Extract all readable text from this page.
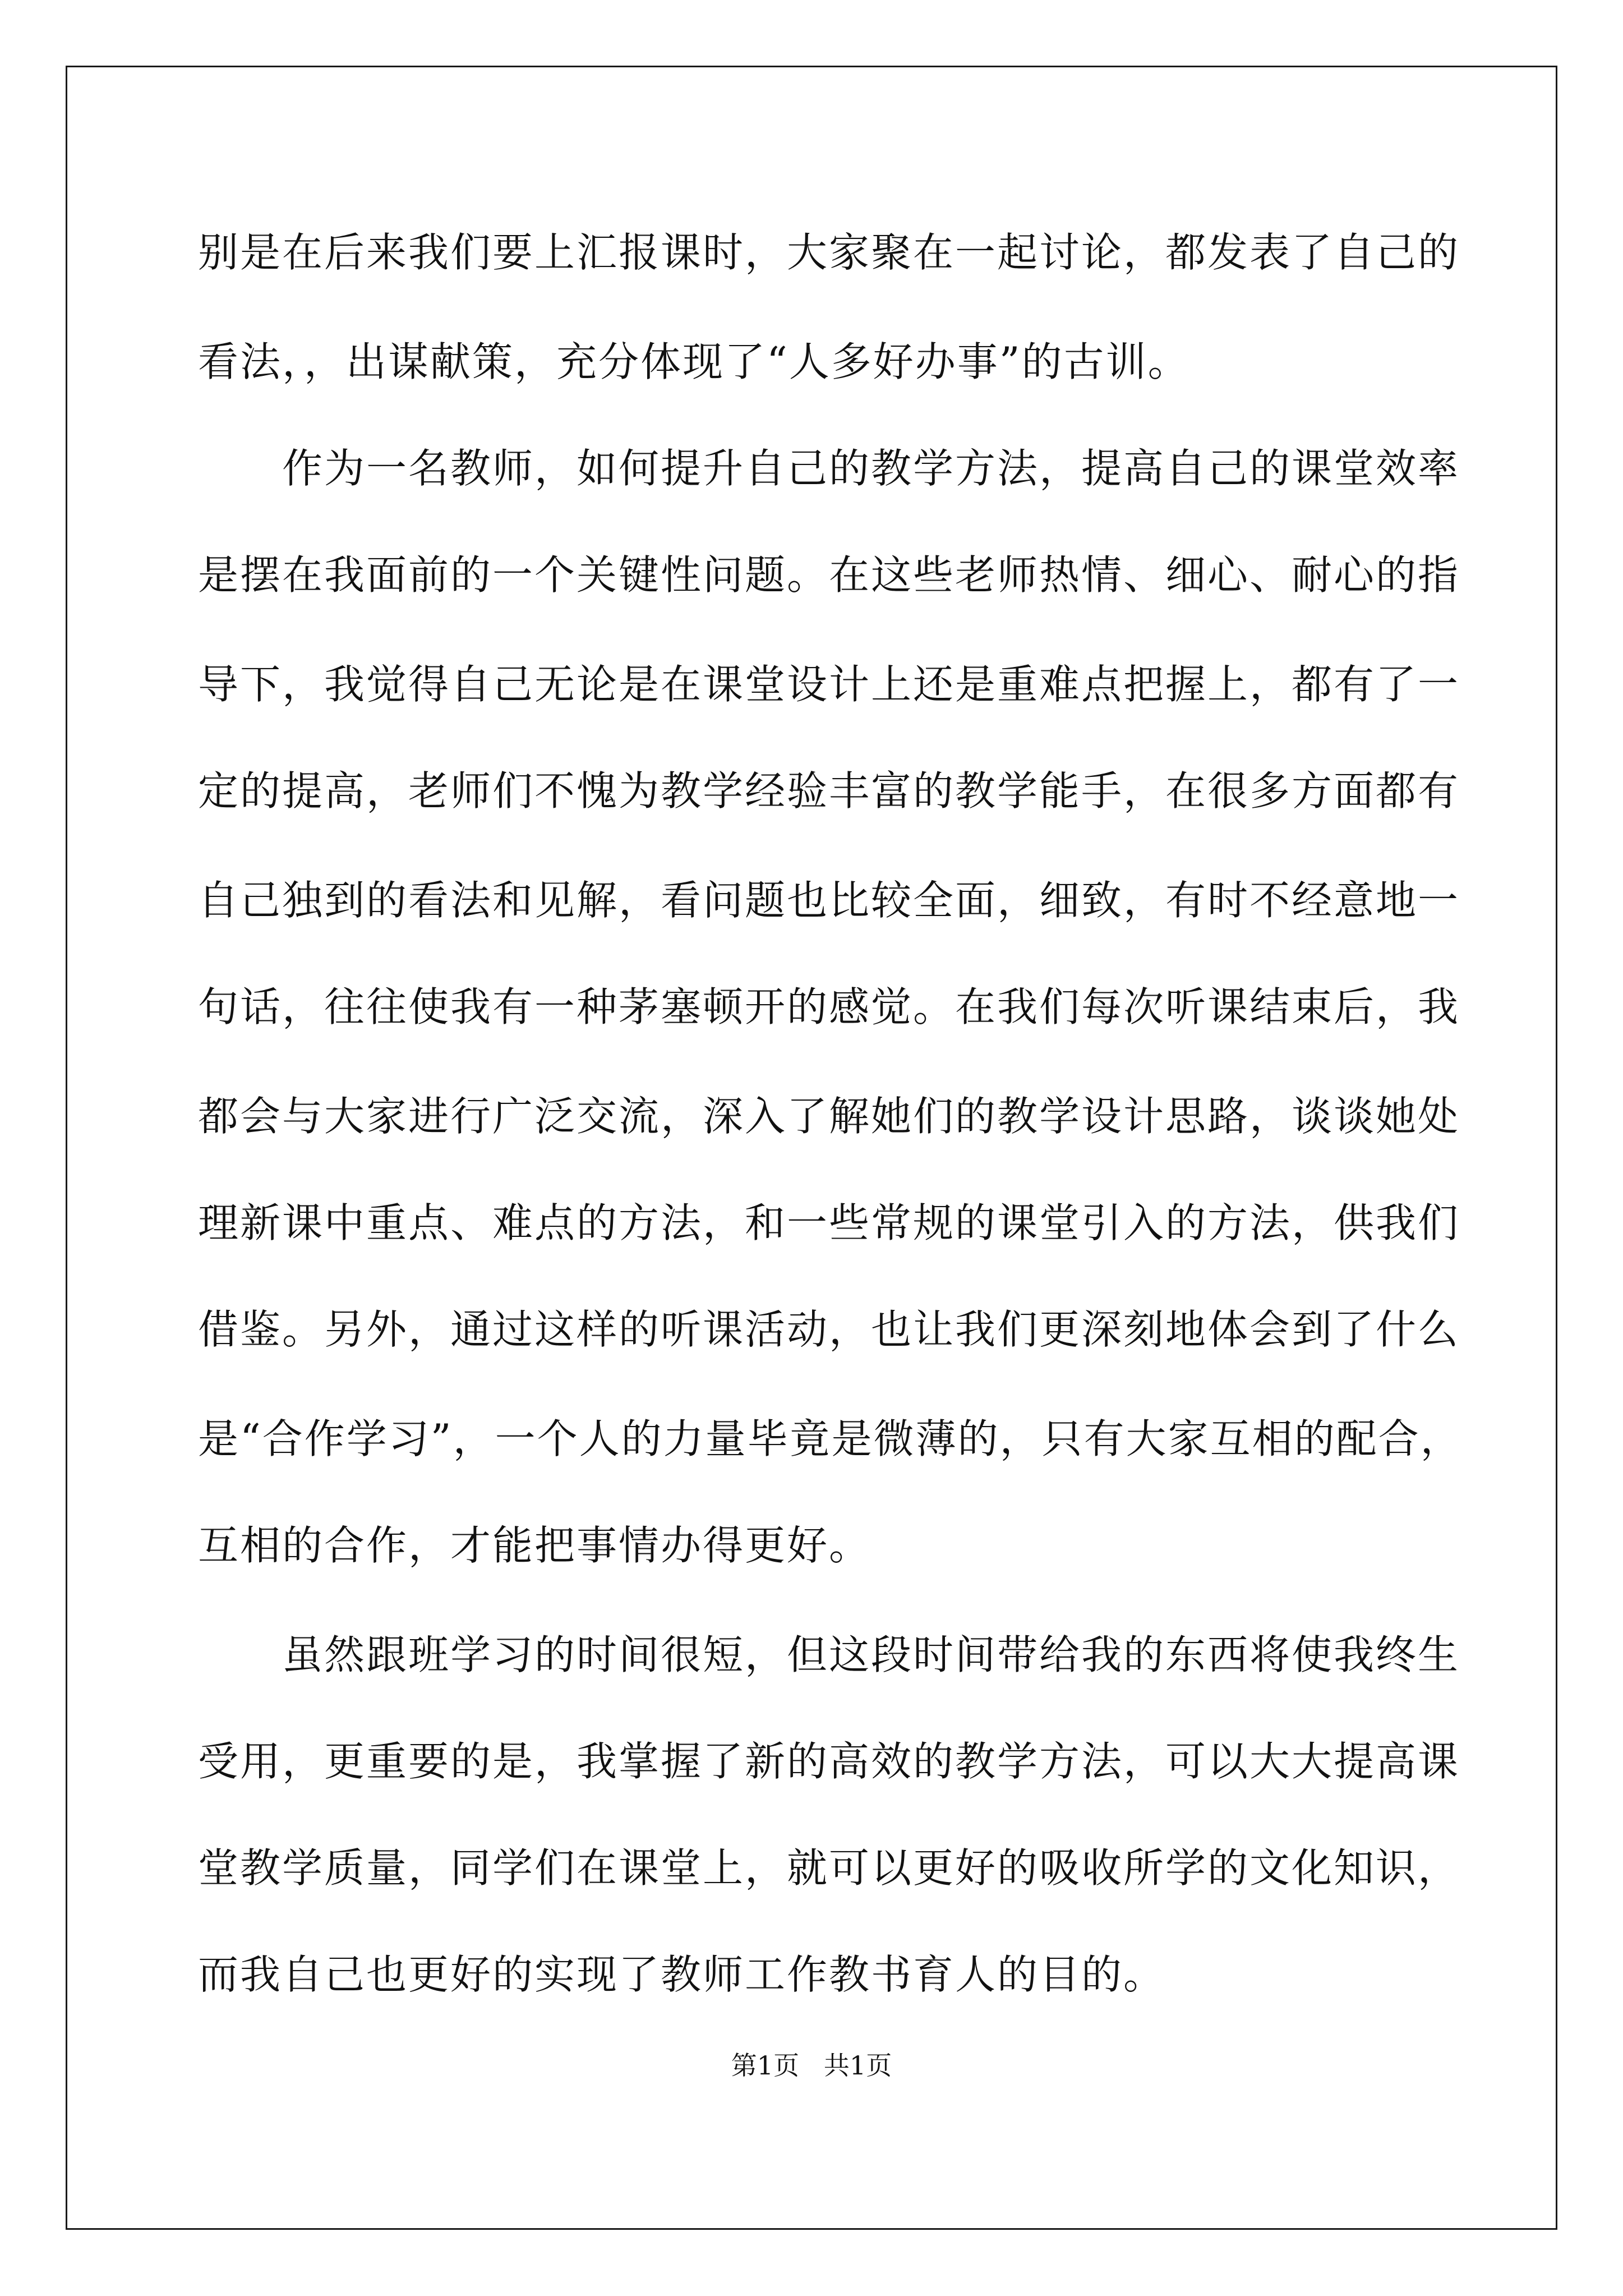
别是在后来我们要上汇报课时，大家聚在一起讨论，都发表了自己的
看法，，出谋献策，充分体现了“人多好办事”的古训。
作为一名教师，如何提升自己的教学方法，提高自己的课堂效率
是摆在我面前的一个关键性问题。在这些老师热情、细心、耐心的指
导下，我觉得自己无论是在课堂设计上还是重难点把握上，都有了一
定的提高，老师们不愧为教学经验丰富的教学能手，在很多方面都有
自己独到的看法和见解，看问题也比较全面，细致，有时不经意地一
句话，往往使我有一种茅塞顿开的感觉。在我们每次听课结束后，我
都会与大家进行广泛交流，深入了解她们的教学设计思路，谈谈她处
理新课中重点、难点的方法，和一些常规的课堂引入的方法，供我们
借鉴。另外，通过这样的听课活动，也让我们更深刻地体会到了什么
是“合作学习”，一个人的力量毕竟是微薄的，只有大家互相的配合，
互相的合作，才能把事情办得更好。
虽然跟班学习的时间很短，但这段时间带给我的东西将使我终生
受用，更重要的是，我掌握了新的高效的教学方法，可以大大提高课
堂教学质量，同学们在课堂上，就可以更好的吸收所学的文化知识，
而我自己也更好的实现了教师工作教书育人的目的。
第1页   共1页
